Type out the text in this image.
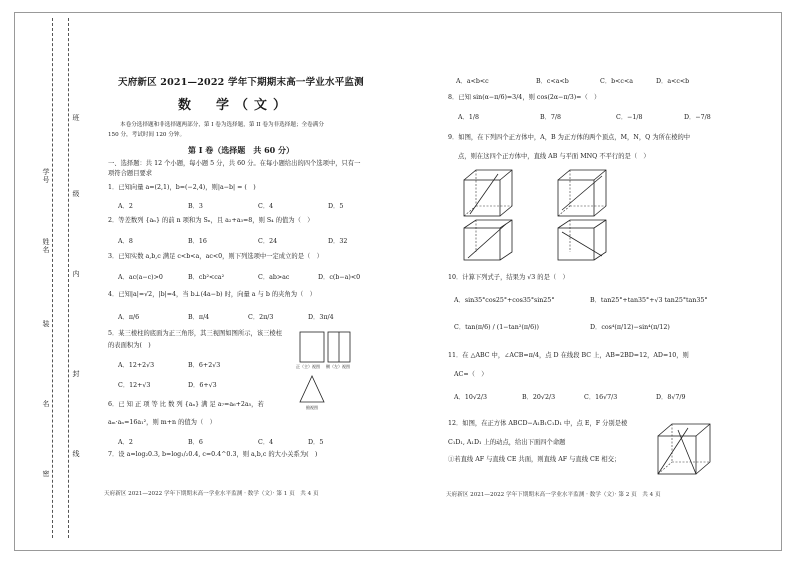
学号
姓名
班
级
内
封
线
装
名
密
天府新区 2021—2022 学年下期期末高一学业水平监测
数　学（文）
本卷分选择题和非选择题两部分，第 I 卷为选择题，第 II 卷为非选择题；全卷满分
150 分，考试时间 120 分钟。
第 I 卷（选择题　共 60 分）
一、选择题：共 12 个小题，每小题 5 分，共 60 分。在每小题给出的四个选项中，只有一
项符合题目要求
1．已知向量 a=(2,1)，b=(−2,4)，则|a−b| = (　)
A．2	B．3	C．4	D．5
2．等差数列 {aₙ} 的前 n 项和为 Sₙ，且 a₂+a₃=8，则 S₄ 的值为（　）
A．8	B．16	C．24	D．32
3．已知实数 a,b,c 满足 c<b<a，ac<0，则下列选项中一定成立的是（　）
A．ac(a−c)>0	B．cb²<ca²	C．ab>ac	D．c(b−a)<0
4．已知|a|=√2，|b|=4，当 b⊥(4a−b) 时，向量 a 与 b 的夹角为（　）
A．π/6	B．π/4	C．2π/3	D．3π/4
5．某三棱柱的底面为正三角形，其三视图如图所示，该三棱柱
的表面积为(　)
A．12+2√3	B．6+2√3
C．12+√3	D．6+√3
正（主）视图 侧（左）视图
俯视图
6．已 知 正 项 等 比 数 列 {aₙ} 满 足 a₇=a₆+2a₅，若
aₘ·aₙ=16a₁²，则 m+n 的值为（　）
A．2	B．6	C．4	D．5
7．设 a=log₂0.3, b=log₁/₂0.4, c=0.4^0.3，则 a,b,c 的大小关系为(　)
天府新区 2021—2022 学年下期期末高一学业水平监测 · 数学（文）· 第 1 页　共 4 页
A．a<b<c	B．c<a<b	C．b<c<a	D．a<c<b
8．已知 sin(α−π/6)=3/4，则 cos(2α−π/3)=（　）
A．1/8	B．7/8	C．−1/8	D．−7/8
9．如图，在下列四个正方体中，A，B 为正方体的两个顶点，M，N，Q 为所在棱的中
点，则在这四个正方体中，直线 AB 与平面 MNQ 不平行的是（　）
10．计算下列式子，结果为 √3 的是（　）
A．sin35°cos25°+cos35°sin25°	B．tan25°+tan35°+√3 tan25°tan35°
C．tan(π/6) / (1−tan²(π/6))	D．cos⁴(π/12)−sin⁴(π/12)
11．在 △ABC 中，∠ACB=π/4，点 D 在线段 BC 上，AB=2BD=12，AD=10，则
AC=（　）
A．10√2/3	B．20√2/3	C．16√7/3	D．8√7/9
12．如图，在正方体 ABCD−A₁B₁C₁D₁ 中，点 E，F 分别是棱
C₁D₁, A₁D₁ 上的动点，给出下面四个命题
①若直线 AF 与直线 CE 共面，则直线 AF 与直线 CE 相交；
天府新区 2021—2022 学年下期期末高一学业水平监测 · 数学（文）· 第 2 页　共 4 页
